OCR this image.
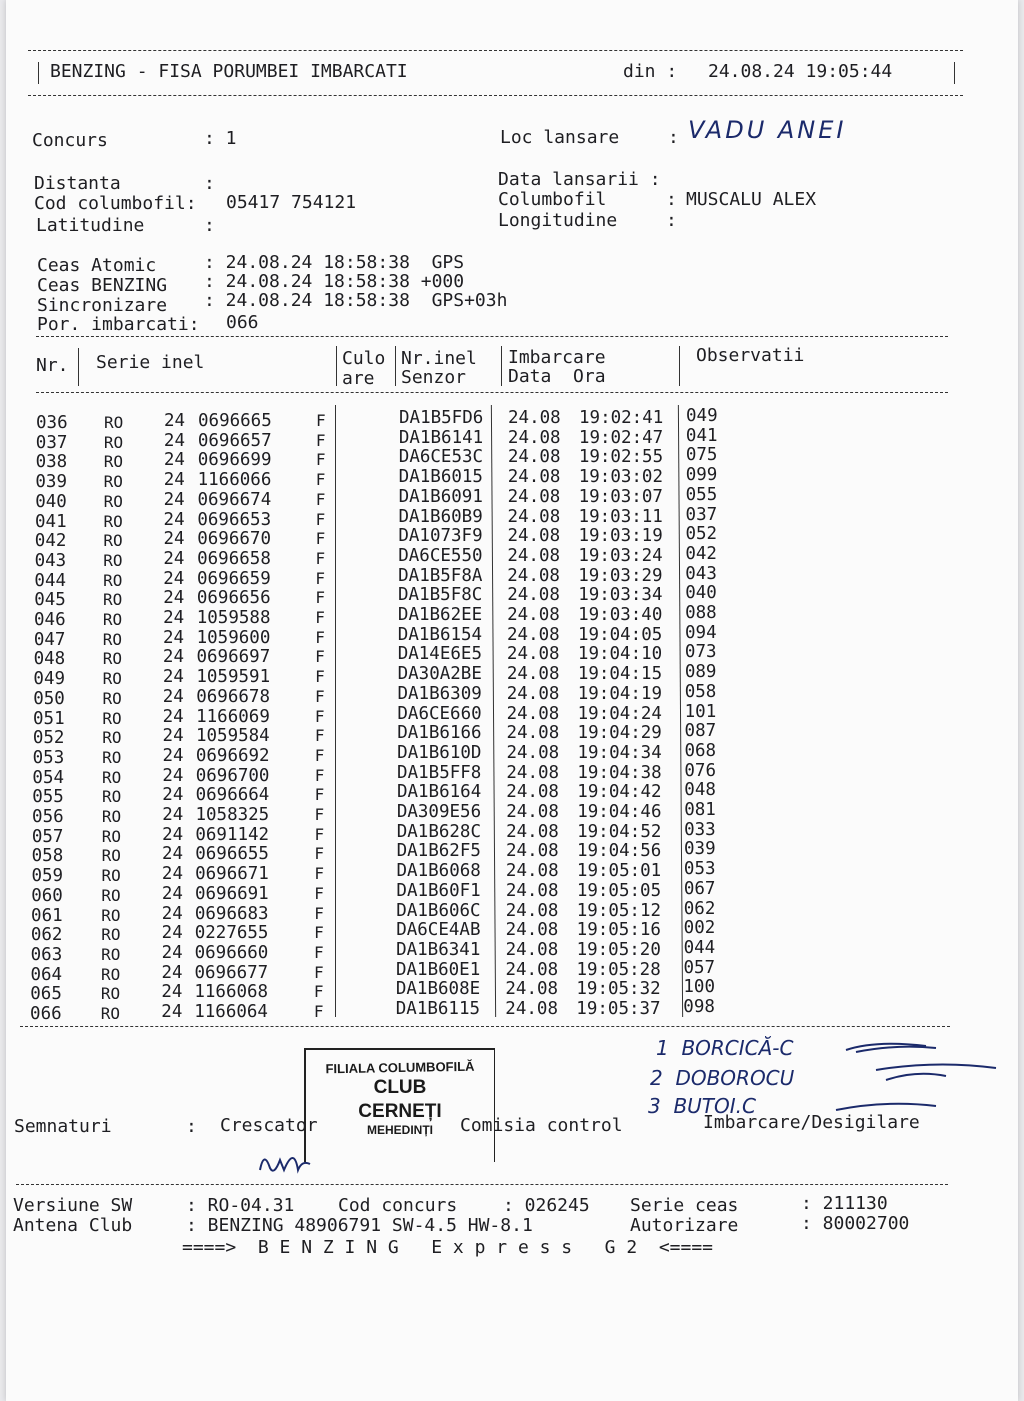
BENZING - FISA PORUMBEI IMBARCATI	din : 24.08.24 19:05:44
Concurs	: 1	Loc lansare	: VADU ANEI
Distanta	:	Data lansarii :
Cod columbofil: 05417 754121	Columbofil	: MUSCALU ALEX
Latitudine	:	Longitudine	:
Ceas Atomic	: 24.08.24 18:58:38  GPS
Ceas BENZING : 24.08.24 18:58:38 +000
Sincronizare : 24.08.24 18:58:38  GPS+03h
Por. imbarcati: 066
Nr. Serie inel	Culo
are
Nr.inel
Senzor
Imbarcare
Data  Ora
Observatii
036 RO 24 0696665	F	DA1B5FD6 24.08 19:02:41 049
037 RO 24 0696657	F	DA1B6141 24.08 19:02:47 041
038 RO 24 0696699	F	DA6CE53C 24.08 19:02:55 075
039 RO 24 1166066	F	DA1B6015 24.08 19:03:02 099
040 RO 24 0696674	F	DA1B6091 24.08 19:03:07 055
041 RO 24 0696653	F	DA1B60B9 24.08 19:03:11 037
042 RO 24 0696670	F	DA1073F9 24.08 19:03:19 052
043 RO 24 0696658	F	DA6CE550 24.08 19:03:24 042
044 RO 24 0696659	F	DA1B5F8A 24.08 19:03:29 043
045 RO 24 0696656	F	DA1B5F8C 24.08 19:03:34 040
046 RO 24 1059588	F	DA1B62EE 24.08 19:03:40 088
047 RO 24 1059600	F	DA1B6154 24.08 19:04:05 094
048 RO 24 0696697	F	DA14E6E5 24.08 19:04:10 073
049 RO 24 1059591	F	DA30A2BE 24.08 19:04:15 089
050 RO 24 0696678	F	DA1B6309 24.08 19:04:19 058
051 RO 24 1166069	F	DA6CE660 24.08 19:04:24 101
052 RO 24 1059584	F	DA1B6166 24.08 19:04:29 087
053 RO 24 0696692	F	DA1B610D 24.08 19:04:34 068
054 RO 24 0696700	F	DA1B5FF8 24.08 19:04:38 076
055 RO 24 0696664	F	DA1B6164 24.08 19:04:42 048
056 RO 24 1058325	F	DA309E56 24.08 19:04:46 081
057 RO 24 0691142	F	DA1B628C 24.08 19:04:52 033
058 RO 24 0696655	F	DA1B62F5 24.08 19:04:56 039
059 RO 24 0696671	F	DA1B6068 24.08 19:05:01 053
060 RO 24 0696691	F	DA1B60F1 24.08 19:05:05 067
061 RO 24 0696683	F	DA1B606C 24.08 19:05:12 062
062 RO 24 0227655	F	DA6CE4AB 24.08 19:05:16 002
063 RO 24 0696660	F	DA1B6341 24.08 19:05:20 044
064 RO 24 0696677	F	DA1B60E1 24.08 19:05:28 057
065 RO 24 1166068	F	DA1B608E 24.08 19:05:32 100
066 RO 24 1166064	F	DA1B6115 24.08 19:05:37 098
FILIALA COLUMBOFILĂ
CLUB
CERNEȚI
MEHEDINȚI
Semnaturi	: Crescator	Comisia control	Imbarcare/Desigilare
1  BORCICĂ-C
2  DOBOROCU
3  BUTOI.C
Versiune SW	: RO-04.31 Cod concurs	: 026245 Serie ceas	: 211130
Antena Club	: BENZING 48906791 SW-4.5 HW-8.1	Autorizare	: 80002700
====>  B E N Z I N G   E x p r e s s   G 2  <====
